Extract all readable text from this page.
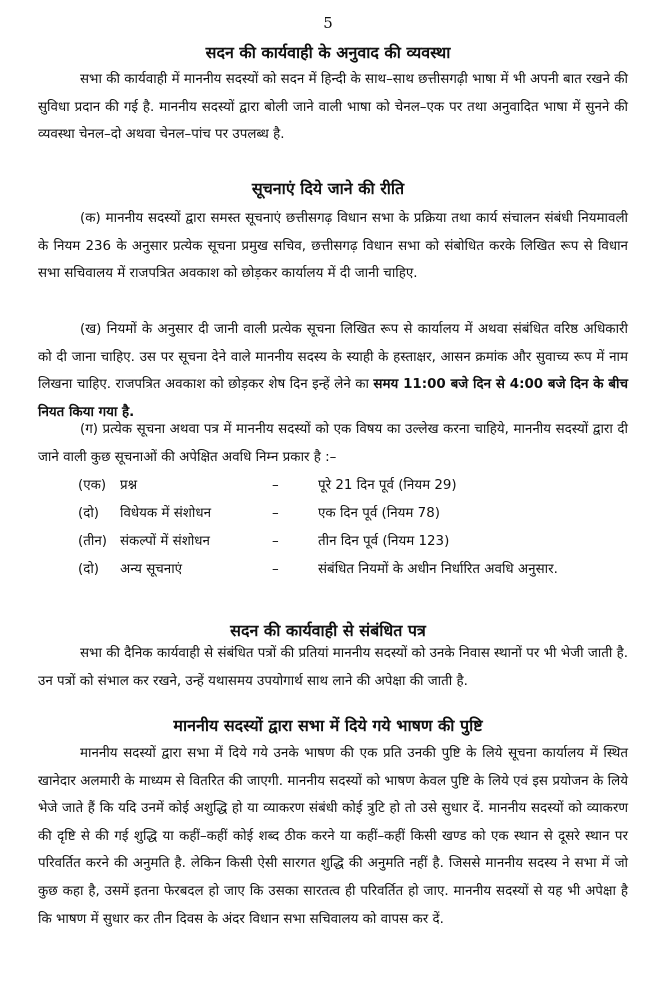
5
सदन की कार्यवाही के अनुवाद की व्यवस्था

सभा की कार्यवाही में माननीय सदस्यों को सदन में हिन्दी के साथ–साथ छत्तीसगढ़ी भाषा में भी अपनी बात रखने की सुविधा प्रदान की गई है. माननीय सदस्यों द्वारा बोली जाने वाली भाषा को चेनल–एक पर तथा अनुवादित भाषा में सुनने की व्यवस्था चेनल–दो अथवा चेनल–पांच पर उपलब्ध है.

सूचनाएं दिये जाने की रीति

(क) माननीय सदस्यों द्वारा समस्त सूचनाएं छत्तीसगढ़ विधान सभा के प्रक्रिया तथा कार्य संचालन संबंधी नियमावली के नियम 236 के अनुसार प्रत्येक सूचना प्रमुख सचिव, छत्तीसगढ़ विधान सभा को संबोधित करके लिखित रूप से विधान सभा सचिवालय में राजपत्रित अवकाश को छोड़कर कार्यालय में दी जानी चाहिए.

(ख) नियमों के अनुसार दी जानी वाली प्रत्येक सूचना लिखित रूप से कार्यालय में अथवा संबंधित वरिष्ठ अधिकारी को दी जाना चाहिए. उस पर सूचना देने वाले माननीय सदस्य के स्याही के हस्ताक्षर, आसन क्रमांक और सुवाच्य रूप में नाम लिखना चाहिए. राजपत्रित अवकाश को छोड़कर शेष दिन इन्हें लेने का समय 11:00 बजे दिन से 4:00 बजे दिन के बीच नियत किया गया है.

(ग) प्रत्येक सूचना अथवा पत्र में माननीय सदस्यों को एक विषय का उल्लेख करना चाहिये, माननीय सदस्यों द्वारा दी जाने वाली कुछ सूचनाओं की अपेक्षित अवधि निम्न प्रकार है :–

(एक) प्रश्न	–	पूरे 21 दिन पूर्व (नियम 29)
(दो) विधेयक में संशोधन	–	एक दिन पूर्व (नियम 78)
(तीन) संकल्पों में संशोधन	–	तीन दिन पूर्व (नियम 123)
(दो) अन्य सूचनाएं	–	संबंधित नियमों के अधीन निर्धारित अवधि अनुसार.
सदन की कार्यवाही से संबंधित पत्र

सभा की दैनिक कार्यवाही से संबंधित पत्रों की प्रतियां माननीय सदस्यों को उनके निवास स्थानों पर भी भेजी जाती है. उन पत्रों को संभाल कर रखने, उन्हें यथासमय उपयोगार्थ साथ लाने की अपेक्षा की जाती है.

माननीय सदस्यों द्वारा सभा में दिये गये भाषण की पुष्टि

माननीय सदस्यों द्वारा सभा में दिये गये उनके भाषण की एक प्रति उनकी पुष्टि के लिये सूचना कार्यालय में स्थित खानेदार अलमारी के माध्यम से वितरित की जाएगी. माननीय सदस्यों को भाषण केवल पुष्टि के लिये एवं इस प्रयोजन के लिये भेजे जाते हैं कि यदि उनमें कोई अशुद्धि हो या व्याकरण संबंधी कोई त्रुटि हो तो उसे सुधार दें. माननीय सदस्यों को व्याकरण की दृष्टि से की गई शुद्धि या कहीं–कहीं कोई शब्द ठीक करने या कहीं–कहीं किसी खण्ड को एक स्थान से दूसरे स्थान पर परिवर्तित करने की अनुमति है. लेकिन किसी ऐसी सारगत शुद्धि की अनुमति नहीं है. जिससे माननीय सदस्य ने सभा में जो कुछ कहा है, उसमें इतना फेरबदल हो जाए कि उसका सारतत्व ही परिवर्तित हो जाए. माननीय सदस्यों से यह भी अपेक्षा है कि भाषण में सुधार कर तीन दिवस के अंदर विधान सभा सचिवालय को वापस कर दें.
